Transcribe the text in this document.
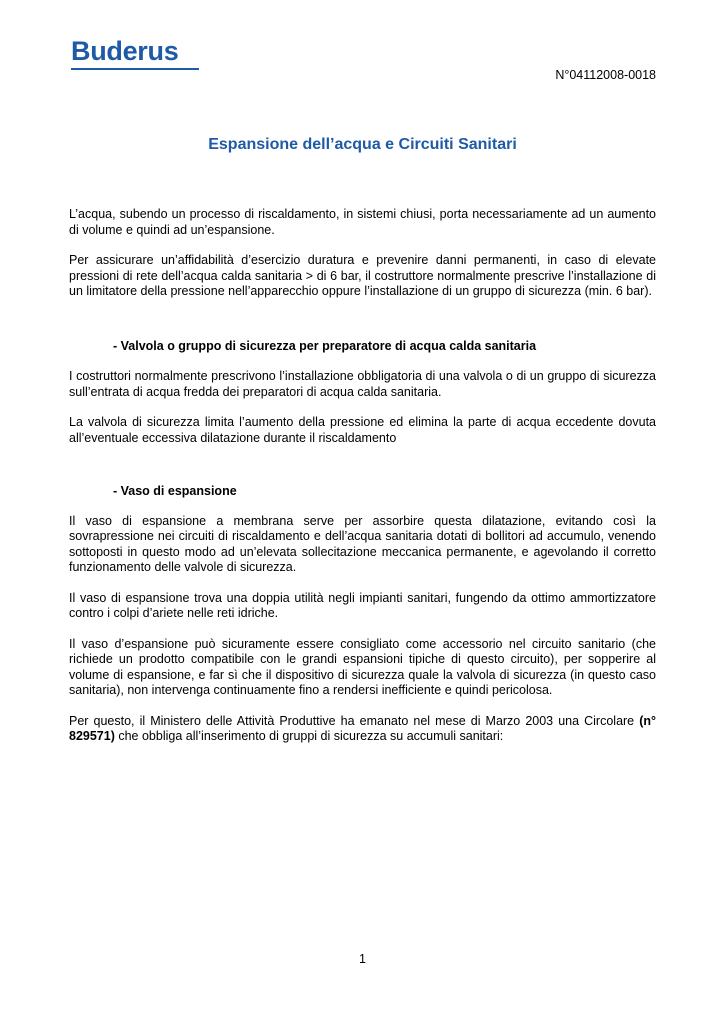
Buderus
N°04112008-0018
Espansione dell’acqua e Circuiti Sanitari

L’acqua, subendo un processo di riscaldamento, in sistemi chiusi, porta necessariamente ad un aumento di volume e quindi ad un’espansione.

Per assicurare un’affidabilità d’esercizio duratura e prevenire danni permanenti, in caso di elevate pressioni di rete dell’acqua calda sanitaria > di 6 bar, il costruttore normalmente prescrive l’installazione di un limitatore della pressione nell’apparecchio oppure l’installazione di un gruppo di sicurezza (min. 6 bar).

- Valvola o gruppo di sicurezza per preparatore di acqua calda sanitaria

I costruttori normalmente prescrivono l’installazione obbligatoria di una valvola o di un gruppo di sicurezza sull’entrata di acqua fredda dei preparatori di acqua calda sanitaria.

La valvola di sicurezza limita l’aumento della pressione ed elimina la parte di acqua eccedente dovuta all’eventuale eccessiva dilatazione durante il riscaldamento

- Vaso di espansione

Il vaso di espansione a membrana serve per assorbire questa dilatazione, evitando così la sovrapressione nei circuiti di riscaldamento e dell’acqua sanitaria dotati di bollitori ad accumulo, venendo sottoposti in questo modo ad un’elevata sollecitazione meccanica permanente, e agevolando il corretto funzionamento delle valvole di sicurezza.

Il vaso di espansione trova una doppia utilità negli impianti sanitari, fungendo da ottimo ammortizzatore contro i colpi d’ariete nelle reti idriche.

Il vaso d’espansione può sicuramente essere consigliato come accessorio nel circuito sanitario (che richiede un prodotto compatibile con le grandi espansioni tipiche di questo circuito), per sopperire al volume di espansione, e far sì che il dispositivo di sicurezza quale la valvola di sicurezza (in questo caso sanitaria), non intervenga continuamente fino a rendersi inefficiente e quindi pericolosa.

Per questo, il Ministero delle Attività Produttive ha emanato nel mese di Marzo 2003 una Circolare (n° 829571) che obbliga all’inserimento di gruppi di sicurezza su accumuli sanitari:

1
